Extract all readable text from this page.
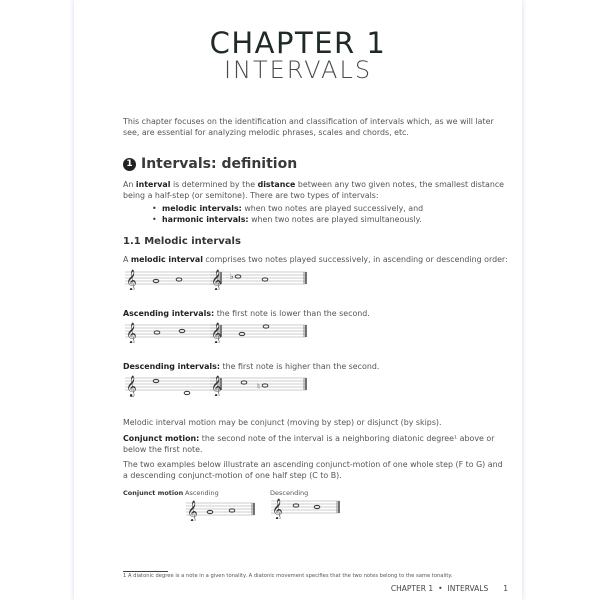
CHAPTER 1
INTERVALS
This chapter focuses on the identification and classification of intervals which, as we will later see, are essential for analyzing melodic phrases, scales and chords, etc.
1 Intervals: definition
An interval is determined by the distance between any two given notes, the smallest distance being a half-step (or semitone). There are two types of intervals:
• melodic intervals: when two notes are played successively, and
• harmonic intervals: when two notes are played simultaneously.
1.1 Melodic intervals
A melodic interval comprises two notes played successively, in ascending or descending order:
𝄞	𝄞 ♭
Ascending intervals: the first note is lower than the second.
𝄞	𝄞
Descending intervals: the first note is higher than the second.
𝄞	𝄞	♮
Melodic interval motion may be conjunct (moving by step) or disjunct (by skips).
Conjunct motion: the second note of the interval is a neighboring diatonic degree¹ above or below the first note.
The two examples below illustrate an ascending conjunct-motion of one whole step (F to G) and a descending conjunct-motion of one half step (C to B).
Conjunct motion Ascending	Descending
𝄞	𝄞
1 A diatonic degree is a note in a given tonality. A diatonic movement specifies that the two notes belong to the same tonality.
CHAPTER 1 • INTERVALS 1
